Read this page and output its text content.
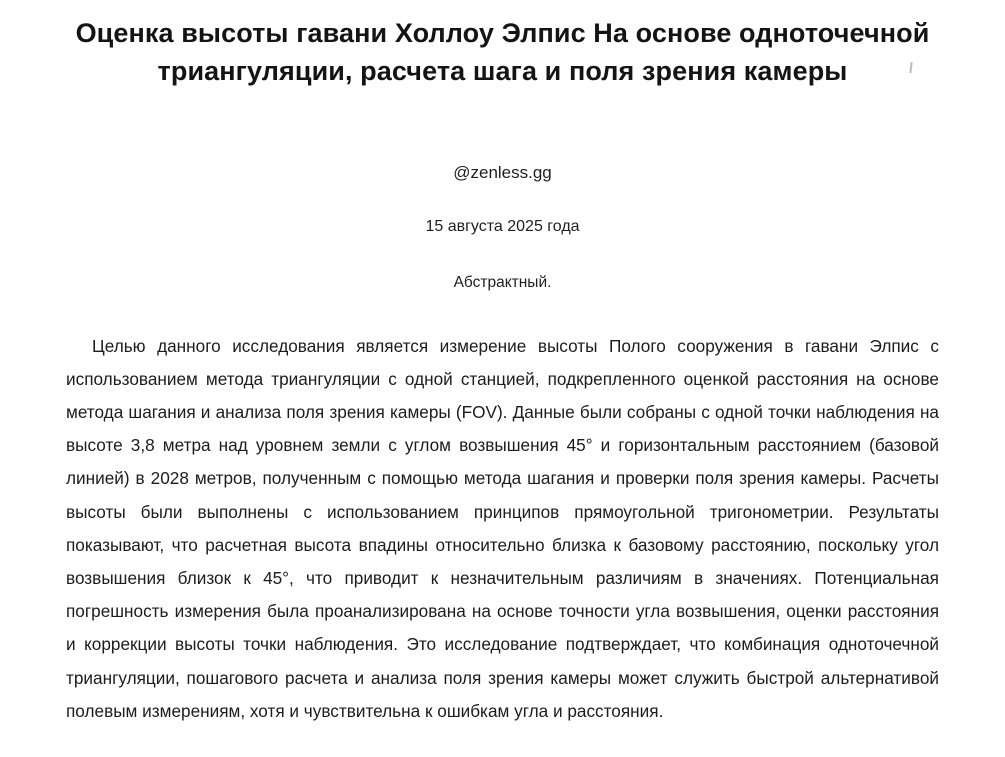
Оценка высоты гавани Холлоу Элпис На основе одноточечной триангуляции, расчета шага и поля зрения камеры
@zenless.gg
15 августа 2025 года
Абстрактный.
Целью данного исследования является измерение высоты Полого сооружения в гавани Элпис с использованием метода триангуляции с одной станцией, подкрепленного оценкой расстояния на основе метода шагания и анализа поля зрения камеры (FOV). Данные были собраны с одной точки наблюдения на высоте 3,8 метра над уровнем земли с углом возвышения 45° и горизонтальным расстоянием (базовой линией) в 2028 метров, полученным с помощью метода шагания и проверки поля зрения камеры. Расчеты высоты были выполнены с использованием принципов прямоугольной тригонометрии. Результаты показывают, что расчетная высота впадины относительно близка к базовому расстоянию, поскольку угол возвышения близок к 45°, что приводит к незначительным различиям в значениях. Потенциальная погрешность измерения была проанализирована на основе точности угла возвышения, оценки расстояния и коррекции высоты точки наблюдения. Это исследование подтверждает, что комбинация одноточечной триангуляции, пошагового расчета и анализа поля зрения камеры может служить быстрой альтернативой полевым измерениям, хотя и чувствительна к ошибкам угла и расстояния.
